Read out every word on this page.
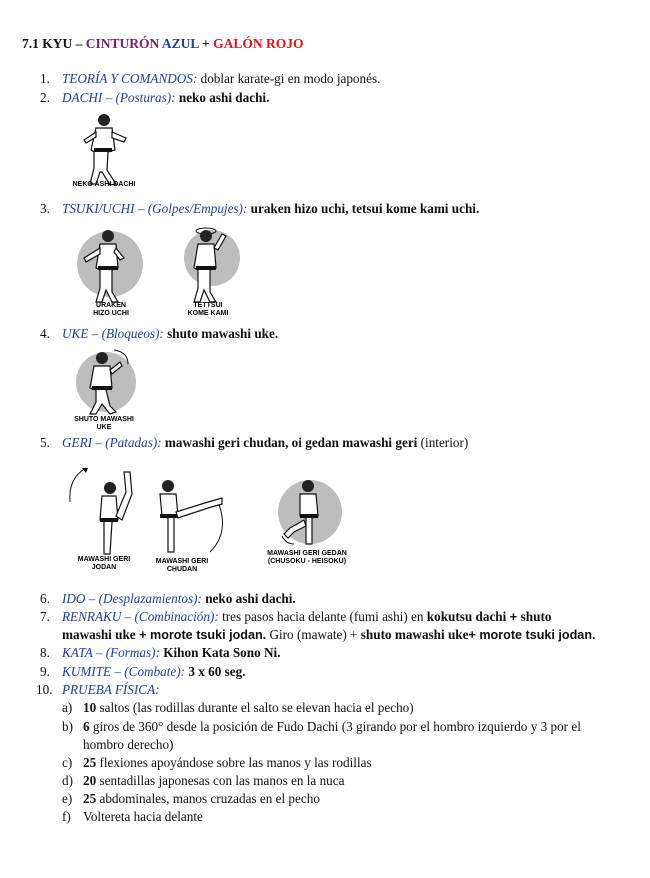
7.1 KYU – CINTURÓN AZUL + GALÓN ROJO
1. TEORÍA Y COMANDOS: doblar karate-gi en modo japonés.
2. DACHI – (Posturas): neko ashi dachi.
NEKO ASHI DACHI
3. TSUKI/UCHI – (Golpes/Empujes): uraken hizo uchi, tetsui kome kami uchi.
URAKEN
HIZO UCHI
TETTSUI
KOME KAMI
4. UKE – (Bloqueos): shuto mawashi uke.
SHUTO MAWASHI
UKE
5. GERI – (Patadas): mawashi geri chudan, oi gedan mawashi geri (interior)
MAWASHI GERI
JODAN
MAWASHI GERI
CHUDAN
MAWASHI GERI GEDAN
(CHUSOKU - HEISOKU)
6. IDO – (Desplazamientos): neko ashi dachi.
7. RENRAKU – (Combinación): tres pasos hacia delante (fumi ashi) en kokutsu dachi + shuto
mawashi uke + morote tsuki jodan. Giro (mawate) + shuto mawashi uke+ morote tsuki jodan.
8. KATA – (Formas): Kihon Kata Sono Ni.
9. KUMITE – (Combate): 3 x 60 seg.
10. PRUEBA FÍSICA:
a) 10 saltos (las rodillas durante el salto se elevan hacia el pecho)
b) 6 giros de 360° desde la posición de Fudo Dachi (3 girando por el hombro izquierdo y 3 por el
hombro derecho)
c) 25 flexiones apoyándose sobre las manos y las rodillas
d) 20 sentadillas japonesas con las manos en la nuca
e) 25 abdominales, manos cruzadas en el pecho
f) Voltereta hacia delante
